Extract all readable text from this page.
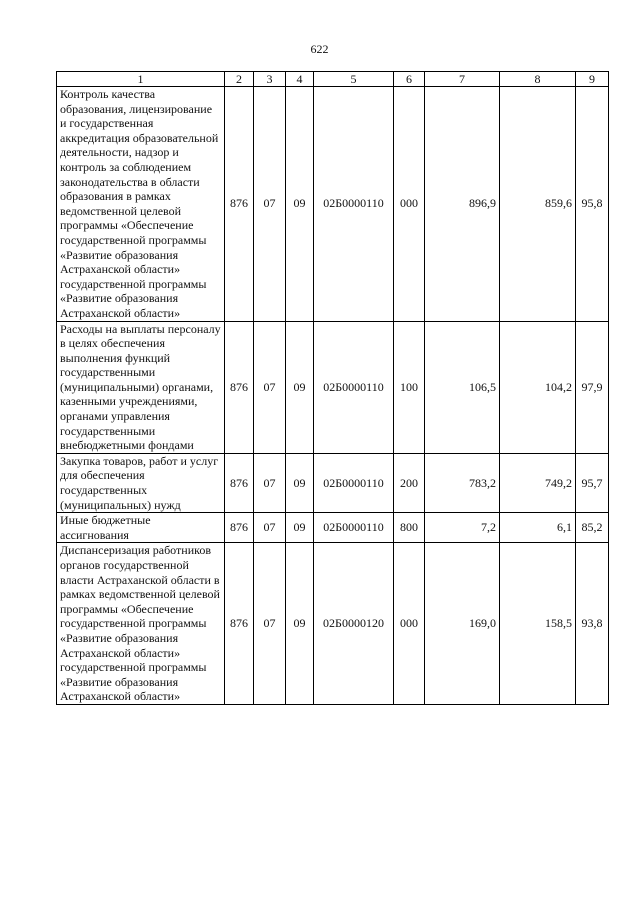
622
1	2	3	4	5	6	7	8	9
Контроль качества образования, лицензирование и государственная аккредитация образовательной деятельности, надзор и контроль за соблюдением законодательства в области образования в рамках ведомственной целевой программы «Обеспечение государственной программы «Развитие образования Астраханской области» государственной программы «Развитие образования Астраханской области»	876	07	09	02Б0000110	000	896,9	859,6	95,8
Расходы на выплаты персоналу в целях обеспечения выполнения функций государственными (муниципальными) органами, казенными учреждениями, органами управления государственными внебюджетными фондами	876	07	09	02Б0000110	100	106,5	104,2	97,9
Закупка товаров, работ и услуг для обеспечения государственных (муниципальных) нужд	876	07	09	02Б0000110	200	783,2	749,2	95,7
Иные бюджетные ассигнования	876	07	09	02Б0000110	800	7,2	6,1	85,2
Диспансеризация работников органов государственной власти Астраханской области в рамках ведомственной целевой программы «Обеспечение государственной программы «Развитие образования Астраханской области» государственной программы «Развитие образования Астраханской области»	876	07	09	02Б0000120	000	169,0	158,5	93,8
